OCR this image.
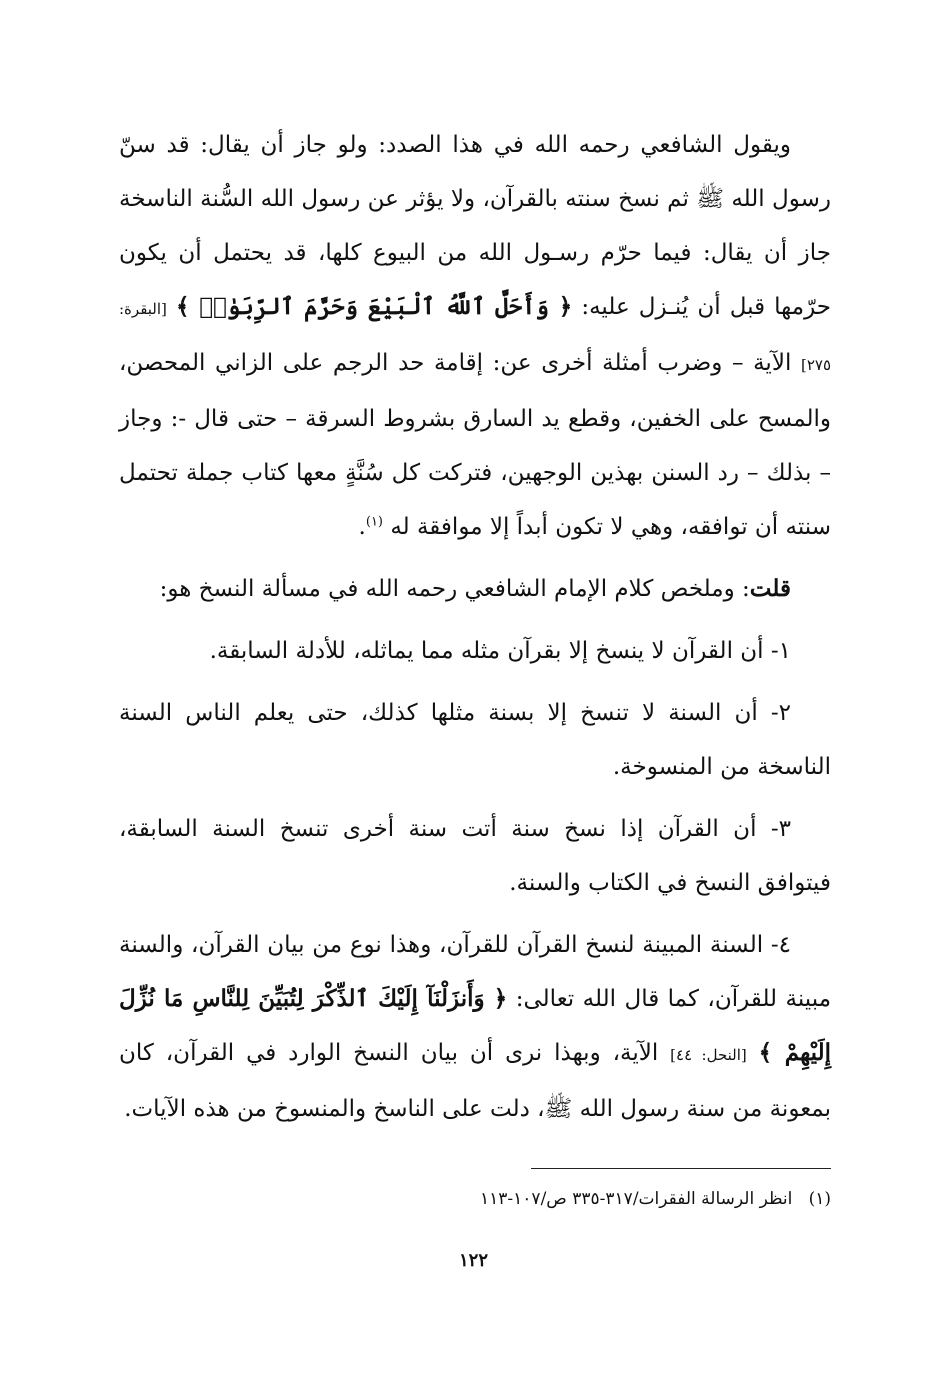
ويقول الشافعي رحمه الله في هذا الصدد: ولو جاز أن يقال: قد سنّ رسول الله ﷺ ثم نسخ سنته بالقرآن، ولا يؤثر عن رسول الله السُّنة الناسخة جاز أن يقال: فيما حرّم رسـول الله من البيوع كلها، قد يحتمل أن يكون حرّمها قبل أن يُنـزل عليه: ﴿ وَأَحَلَّ ٱللَّهُ ٱلْبَيْعَ وَحَرَّمَ ٱلرِّبَوٰا۟ ﴾ [البقرة: ٢٧٥] الآية – وضرب أمثلة أخرى عن: إقامة حد الرجم على الزاني المحصن، والمسح على الخفين، وقطع يد السارق بشروط السرقة – حتى قال -: وجاز – بذلك – رد السنن بهذين الوجهين، فتركت كل سُنَّةٍ معها كتاب جملة تحتمل سنته أن توافقه، وهي لا تكون أبداً إلا موافقة له $^{(١)}$.

قلت: وملخص كلام الإمام الشافعي رحمه الله في مسألة النسخ هو:

١- أن القرآن لا ينسخ إلا بقرآن مثله مما يماثله، للأدلة السابقة.

٢- أن السنة لا تنسخ إلا بسنة مثلها كذلك، حتى يعلم الناس السنة الناسخة من المنسوخة.

٣- أن القرآن إذا نسخ سنة أتت سنة أخرى تنسخ السنة السابقة، فيتوافق النسخ في الكتاب والسنة.

٤- السنة المبينة لنسخ القرآن للقرآن، وهذا نوع من بيان القرآن، والسنة مبينة للقرآن، كما قال الله تعالى: ﴿ وَأَنزَلْنَآ إِلَيْكَ ٱلذِّكْرَ لِتُبَيِّنَ لِلنَّاسِ مَا نُزِّلَ إِلَيْهِمْ ﴾ [النحل: ٤٤] الآية، وبهذا نرى أن بيان النسخ الوارد في القرآن، كان بمعونة من سنة رسول الله ﷺ، دلت على الناسخ والمنسوخ من هذه الآيات.

(١)   انظر الرسالة الفقرات/٣١٧-٣٣٥ ص/١٠٧-١١٣

١٢٢
